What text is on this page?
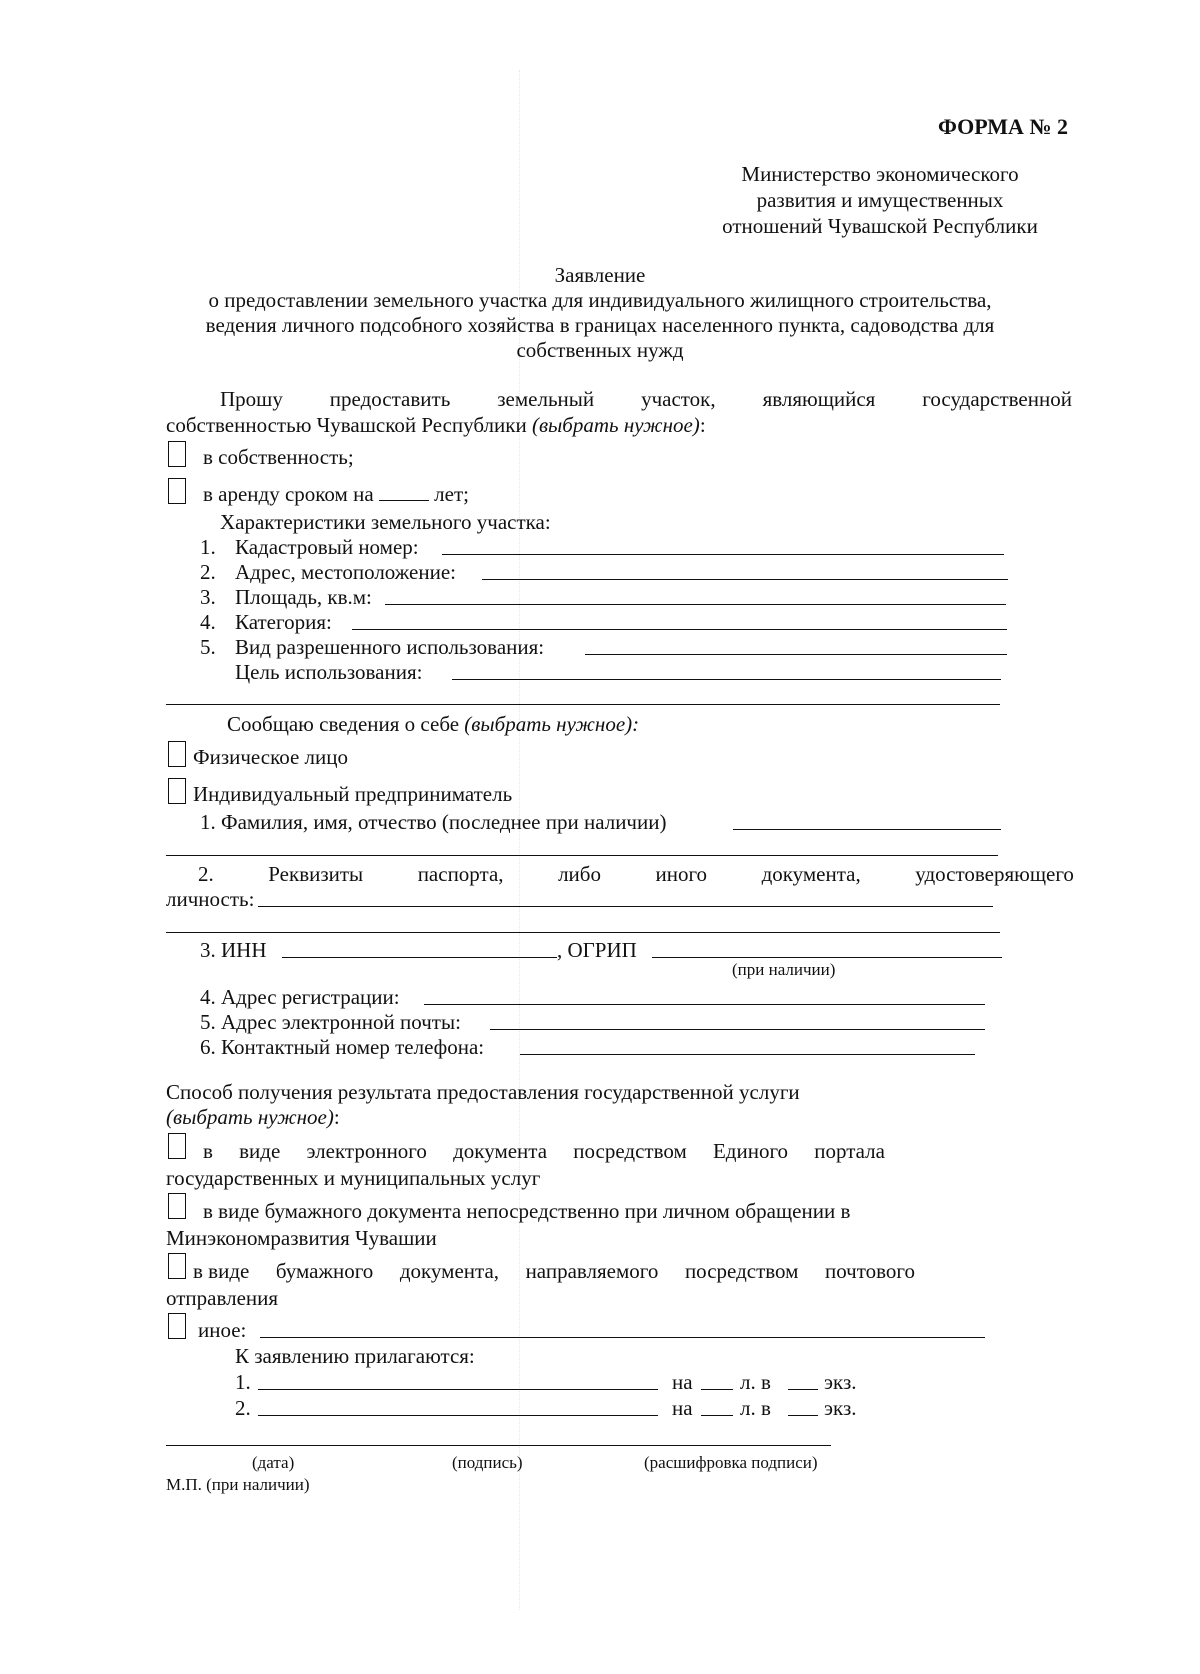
ФОРМА № 2
Министерство экономического
развития и имущественных
отношений Чувашской Республики
Заявление
о предоставлении земельного участка для индивидуального жилищного строительства,
ведения личного подсобного хозяйства в границах населенного пункта, садоводства для
собственных нужд
Прошу предоставить земельный участок, являющийся государственной
собственностью Чувашской Республики (выбрать нужное):
в собственность;
в аренду сроком на  лет;
Характеристики земельного участка:
1. Кадастровый номер:
2. Адрес, местоположение:
3. Площадь, кв.м:
4. Категория:
5. Вид разрешенного использования:
Цель использования:
Сообщаю сведения о себе (выбрать нужное):
Физическое лицо
Индивидуальный предприниматель
1. Фамилия, имя, отчество (последнее при наличии)
2.	Реквизиты	паспорта,	либо	иного	документа,	удостоверяющего
личность:
3. ИНН	, ОГРИП
(при наличии)
4. Адрес регистрации:
5. Адрес электронной почты:
6. Контактный номер телефона:
Способ получения результата предоставления государственной услуги
(выбрать нужное):
в виде электронного документа посредством Единого портала
государственных и муниципальных услуг
в виде бумажного документа непосредственно при личном обращении в
Минэкономразвития Чувашии
в виде бумажного документа, направляемого посредством почтового
отправления
иное:
К заявлению прилагаются:
1.	на л. в	экз.
2.	на л. в	экз.
(дата)	(подпись)	(расшифровка подписи)
М.П. (при наличии)
